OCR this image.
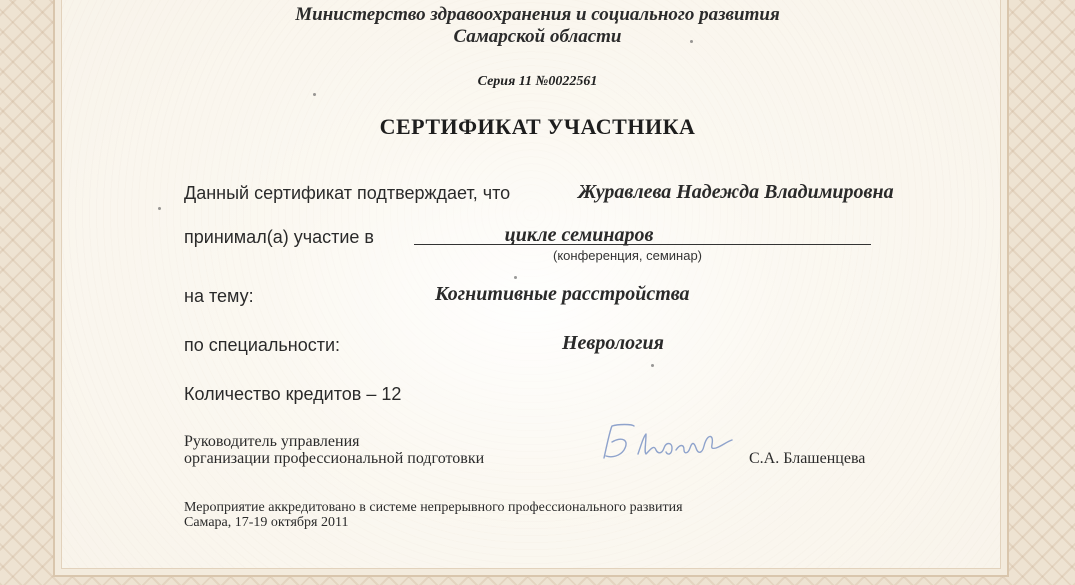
Министерство здравоохранения и социального развития
Самарской области
Серия 11 №0022561
СЕРТИФИКАТ УЧАСТНИКА
Данный сертификат подтверждает, что	Журавлева Надежда Владимировна
принимал(а) участие в	цикле семинаров
(конференция, семинар)
на тему:	Когнитивные расстройства
по специальности:	Неврология
Количество кредитов – 12
Руководитель управления
организации профессиональной подготовки	С.А. Блашенцева
Мероприятие аккредитовано в системе непрерывного профессионального развития
Самара, 17-19 октября 2011
